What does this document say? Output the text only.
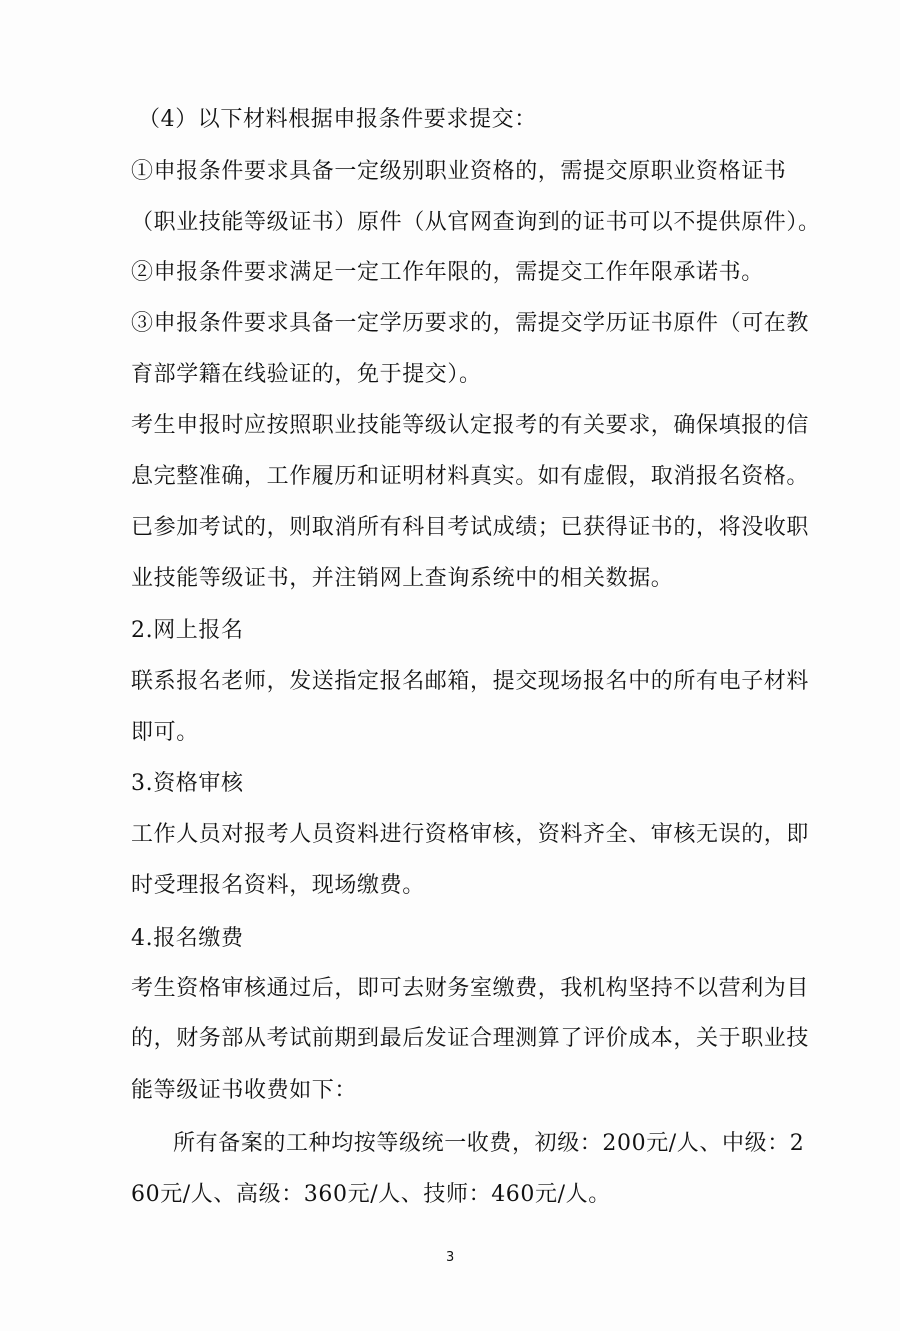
（4）以下材料根据申报条件要求提交：
①申报条件要求具备一定级别职业资格的，需提交原职业资格证书
（职业技能等级证书）原件（从官网查询到的证书可以不提供原件）。
②申报条件要求满足一定工作年限的，需提交工作年限承诺书。
③申报条件要求具备一定学历要求的，需提交学历证书原件（可在教
育部学籍在线验证的，免于提交）。
考生申报时应按照职业技能等级认定报考的有关要求，确保填报的信
息完整准确，工作履历和证明材料真实。如有虚假，取消报名资格。
已参加考试的，则取消所有科目考试成绩；已获得证书的，将没收职
业技能等级证书，并注销网上查询系统中的相关数据。
2.网上报名
联系报名老师，发送指定报名邮箱，提交现场报名中的所有电子材料
即可。
3.资格审核
工作人员对报考人员资料进行资格审核，资料齐全、审核无误的，即
时受理报名资料，现场缴费。
4.报名缴费
考生资格审核通过后，即可去财务室缴费，我机构坚持不以营利为目
的，财务部从考试前期到最后发证合理测算了评价成本，关于职业技
能等级证书收费如下：
所有备案的工种均按等级统一收费，初级：200元/人、中级：2
60元/人、高级：360元/人、技师：460元/人。
3
